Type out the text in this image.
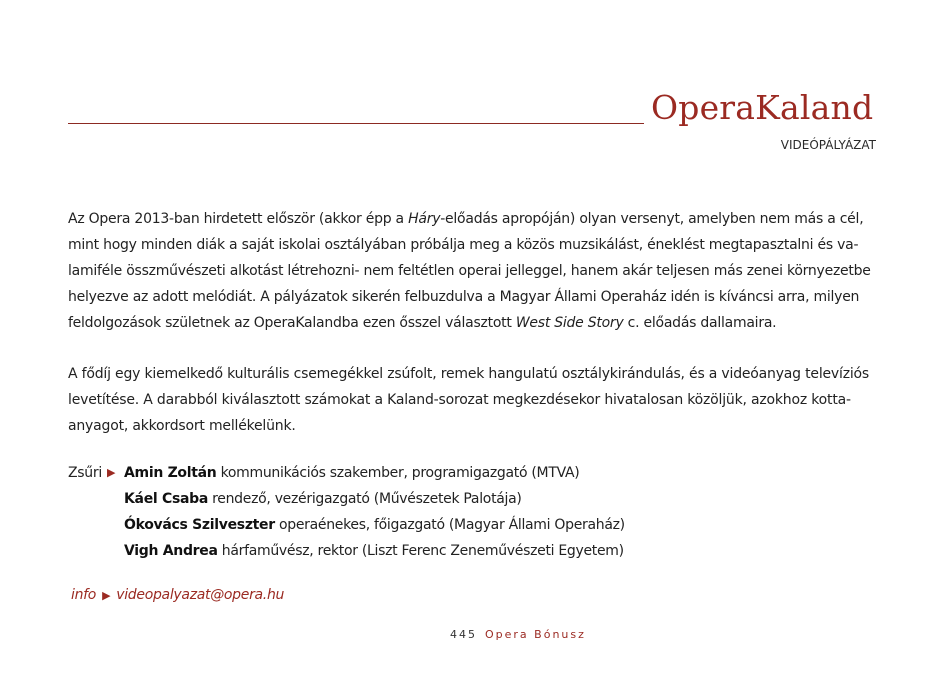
OperaKaland
VIDEÓPÁLYÁZAT
Az Opera 2013-ban hirdetett először (akkor épp a Háry-előadás apropóján) olyan versenyt, amelyben nem más a cél,
mint hogy minden diák a saját iskolai osztályában próbálja meg a közös muzsikálást, éneklést megtapasztalni és va-
lamiféle összművészeti alkotást létrehozni- nem feltétlen operai jelleggel, hanem akár teljesen más zenei környezetbe
helyezve az adott melódiát. A pályázatok sikerén felbuzdulva a Magyar Állami Operaház idén is kíváncsi arra, milyen
feldolgozások születnek az OperaKalandba ezen ősszel választott West Side Story c. előadás dallamaira.
A fődíj egy kiemelkedő kulturális csemegékkel zsúfolt, remek hangulatú osztálykirándulás, és a videóanyag televíziós
levetítése. A darabból kiválasztott számokat a Kaland-sorozat megkezdésekor hivatalosan közöljük, azokhoz kotta-
anyagot, akkordsort mellékelünk.
Zsűri ▶ Amin Zoltán kommunikációs szakember, programigazgató (MTVA)
Káel Csaba rendező, vezérigazgató (Művészetek Palotája)
Ókovács Szilveszter operaénekes, főigazgató (Magyar Állami Operaház)
Vigh Andrea hárfaművész, rektor (Liszt Ferenc Zeneművészeti Egyetem)
info ▶ videopalyazat@opera.hu
445 Opera Bónusz
